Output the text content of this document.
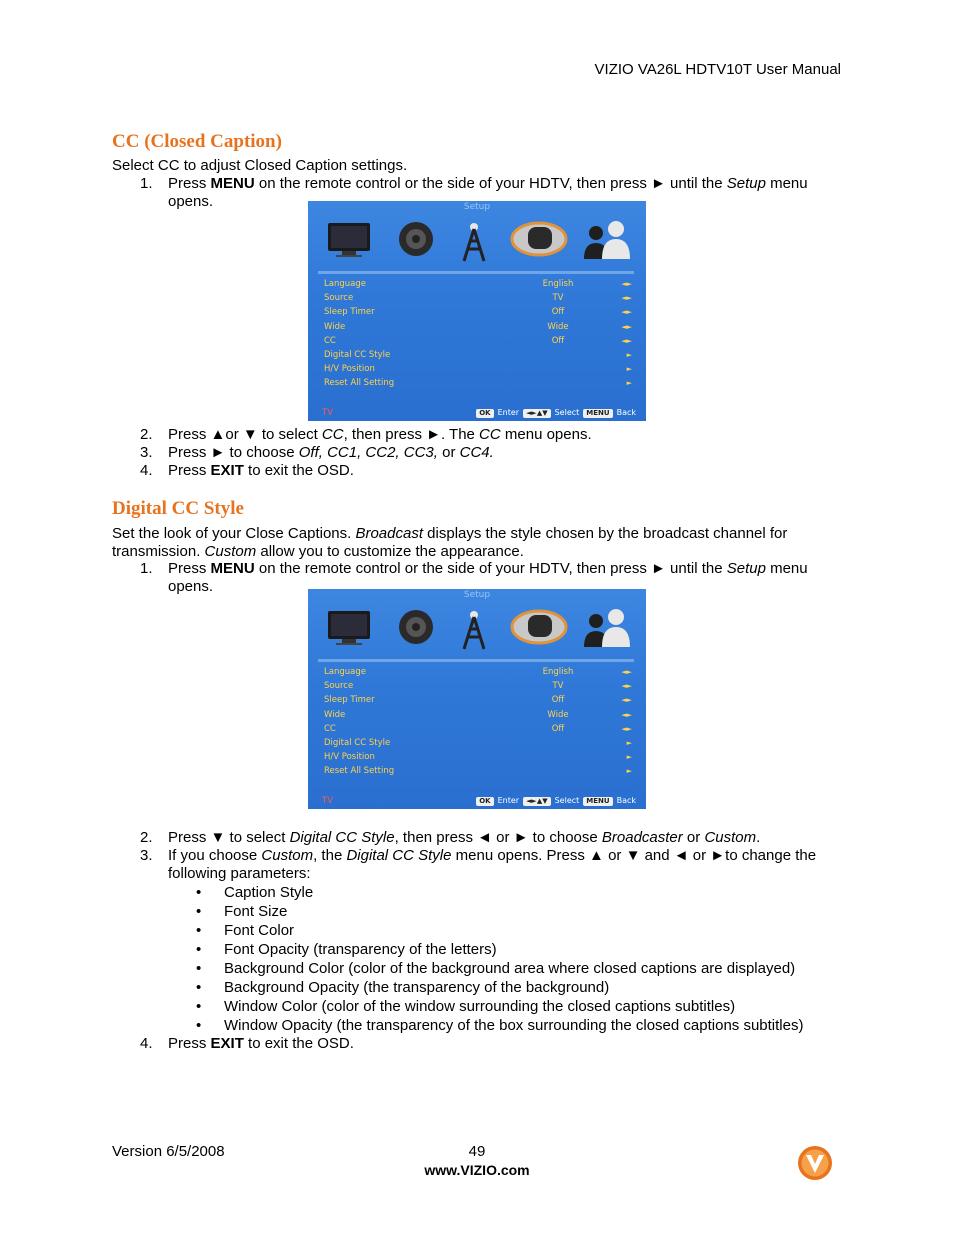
VIZIO VA26L HDTV10T User Manual
CC (Closed Caption)
Select CC to adjust Closed Caption settings.
1. Press MENU on the remote control or the side of your HDTV, then press ► until the Setup menu opens.	Setup
Language	English	◄►
Source	TV	◄►
Sleep Timer	Off	◄►
Wide	Wide	◄►
CC	Off	◄►
Digital CC Style	►
H/V Position	►
Reset All Setting	►
TV	OK Enter	◄►▲▼ Select	MENU Back
2. Press ▲or ▼ to select CC, then press ►. The CC menu opens.
3. Press ► to choose Off, CC1, CC2, CC3, or CC4.
4. Press EXIT to exit the OSD.
Digital CC Style
Set the look of your Close Captions. Broadcast displays the style chosen by the broadcast channel for transmission. Custom allow you to customize the appearance.
1. Press MENU on the remote control or the side of your HDTV, then press ► until the Setup menu opens.	Setup
Language	English	◄►
Source	TV	◄►
Sleep Timer	Off	◄►
Wide	Wide	◄►
CC	Off	◄►
Digital CC Style	►
H/V Position	►
Reset All Setting	►
TV	OK Enter	◄►▲▼ Select	MENU Back
2. Press ▼ to select Digital CC Style, then press ◄ or ► to choose Broadcaster or Custom.
3. If you choose Custom, the Digital CC Style menu opens. Press ▲ or ▼ and ◄ or ►to change the following parameters:
• Caption Style
• Font Size
• Font Color
• Font Opacity (transparency of the letters)
• Background Color (color of the background area where closed captions are displayed)
• Background Opacity (the transparency of the background)
• Window Color (color of the window surrounding the closed captions subtitles)
• Window Opacity (the transparency of the box surrounding the closed captions subtitles)
4. Press EXIT to exit the OSD.
Version 6/5/2008	49
www.VIZIO.com
